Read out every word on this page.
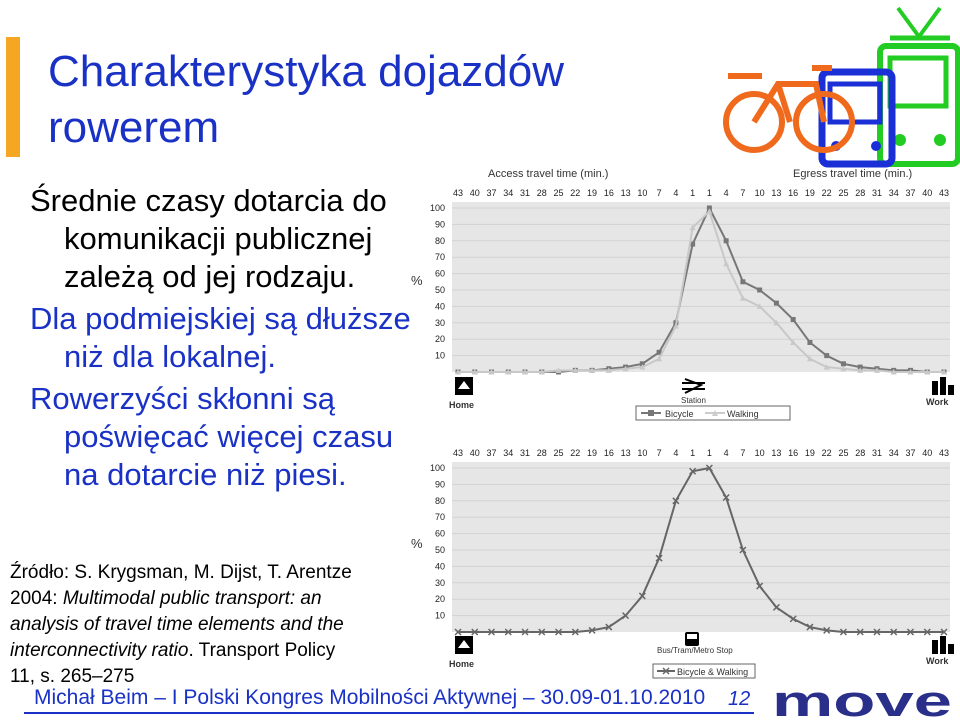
Charakterystyka dojazdów
rowerem
Średnie czasy dotarcia do
komunikacji publicznej
zależą od jej rodzaju.
Dla podmiejskiej są dłuższe
niż dla lokalnej.
Rowerzyści skłonni są
poświęcać więcej czasu
na dotarcie niż piesi.
Źródło: S. Krygsman, M. Dijst, T. Arentze
2004: Multimodal public transport: an
analysis of travel time elements and the
interconnectivity ratio. Transport Policy
11, s. 265–275
Access travel time (min.)	Egress travel time (min.)
%
43 40 37 34 31 28 25 22 19 16 13 10 7 4 1 1 4 7 10 13 16 19 22 25 28 31 34 37 40 43
10
20
30
40
50
60
70
80
90
100
Home	Station	Work
Bicycle	Walking
%
43 40 37 34 31 28 25 22 19 16 13 10 7 4 1 1 4 7 10 13 16 19 22 25 28 31 34 37 40 43
10
20
30
40
50
60
70
80
90
100
Home
Bus/Tram/Metro Stop
Work
Bicycle & Walking
Michał Beim – I Polski Kongres Mobilności Aktywnej – 30.09-01.10.2010 12 move
